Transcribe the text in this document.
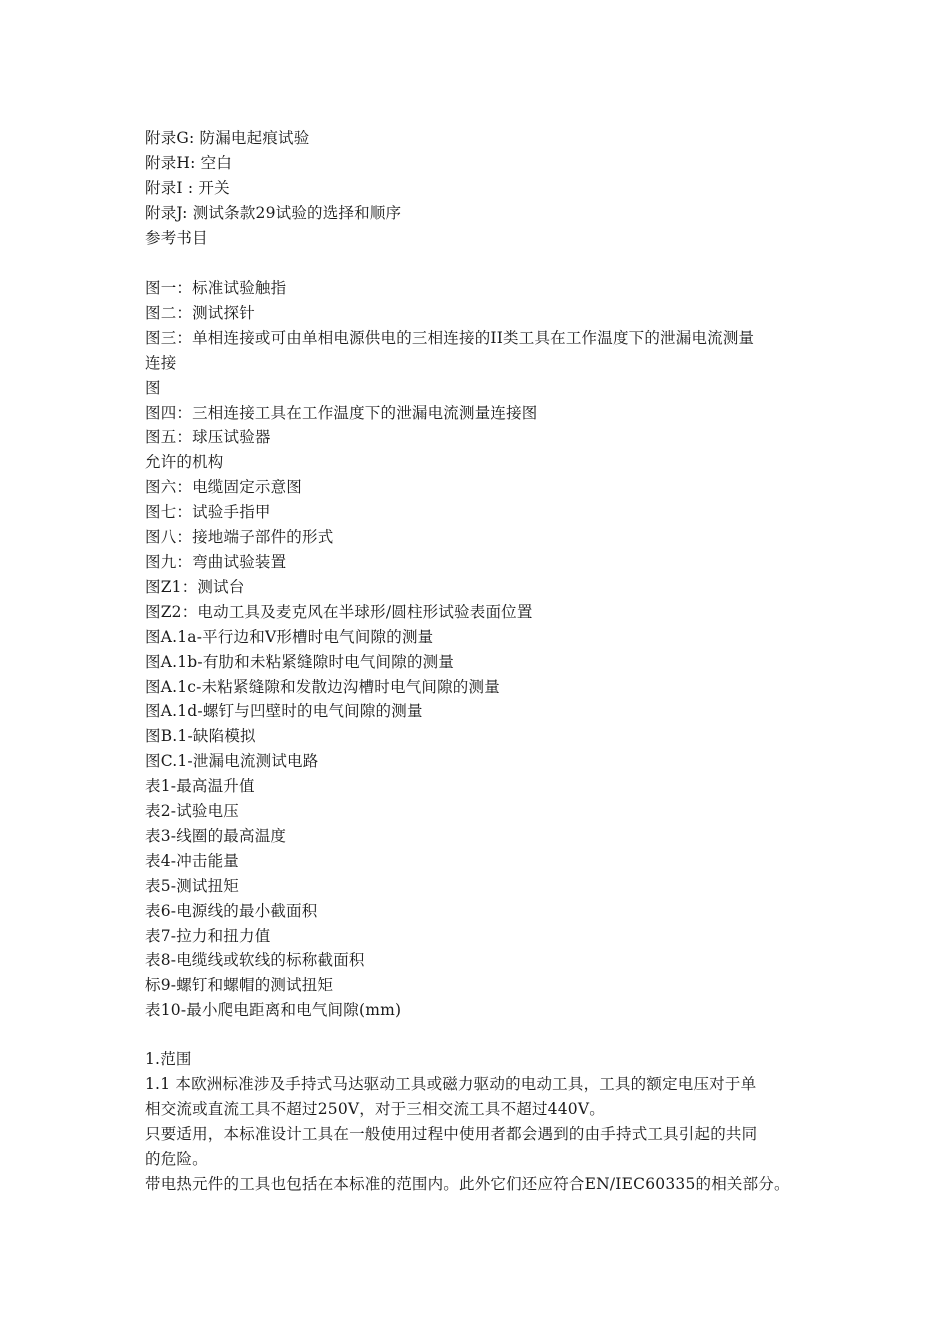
附录G: 防漏电起痕试验
附录H: 空白
附录I : 开关
附录J: 测试条款29试验的选择和顺序
参考书目
图一：标准试验触指
图二：测试探针
图三：单相连接或可由单相电源供电的三相连接的II类工具在工作温度下的泄漏电流测量
连接
图
图四：三相连接工具在工作温度下的泄漏电流测量连接图
图五：球压试验器
允许的机构
图六：电缆固定示意图
图七：试验手指甲
图八：接地端子部件的形式
图九：弯曲试验装置
图Z1：测试台
图Z2：电动工具及麦克风在半球形/圆柱形试验表面位置
图A.1a-平行边和V形槽时电气间隙的测量
图A.1b-有肋和未粘紧缝隙时电气间隙的测量
图A.1c-未粘紧缝隙和发散边沟槽时电气间隙的测量
图A.1d-螺钉与凹壁时的电气间隙的测量
图B.1-缺陷模拟
图C.1-泄漏电流测试电路
表1-最高温升值
表2-试验电压
表3-线圈的最高温度
表4-冲击能量
表5-测试扭矩
表6-电源线的最小截面积
表7-拉力和扭力值
表8-电缆线或软线的标称截面积
标9-螺钉和螺帽的测试扭矩
表10-最小爬电距离和电气间隙(mm)
1.范围
1.1 本欧洲标准涉及手持式马达驱动工具或磁力驱动的电动工具，工具的额定电压对于单
相交流或直流工具不超过250V，对于三相交流工具不超过440V。
只要适用，本标准设计工具在一般使用过程中使用者都会遇到的由手持式工具引起的共同
的危险。
带电热元件的工具也包括在本标准的范围内。此外它们还应符合EN/IEC60335的相关部分。
